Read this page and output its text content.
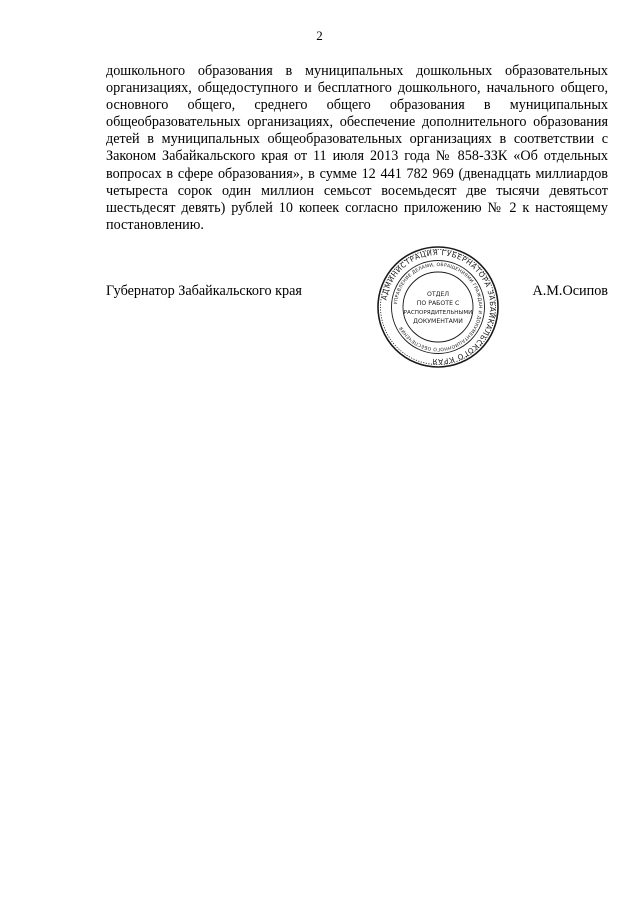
2

дошкольного образования в муниципальных дошкольных образовательных организациях, общедоступного и бесплатного дошкольного, начального общего, основного общего, среднего общего образования в муниципальных общеобразовательных организациях, обеспечение дополнительного образования детей в муниципальных общеобразовательных организациях в соответствии с Законом Забайкальского края от 11 июля 2013 года № 858-ЗЗК «Об отдельных вопросах в сфере образования», в сумме 12 441 782 969 (двенадцать миллиардов четыреста сорок один миллион семьсот восемьдесят две тысячи девятьсот шестьдесят девять) рублей 10 копеек согласно приложению № 2 к настоящему постановлению.

Губернатор Забайкальского края	АДМИНИСТРАЦИЯ ГУБЕРНАТОРА ЗАБАЙКАЛЬСКОГО КРАЯ
УПРАВЛЕНИЕ ДЕЛАМИ, ОБРАЩЕНИЯМИ ГРАЖДАН И ДОКУМЕНТАЦИОННОГО ОБЕСПЕЧЕНИЯ
ОТДЕЛ
ПО РАБОТЕ С
РАСПОРЯДИТЕЛЬНЫМИ
ДОКУМЕНТАМИ
А.М.Осипов
